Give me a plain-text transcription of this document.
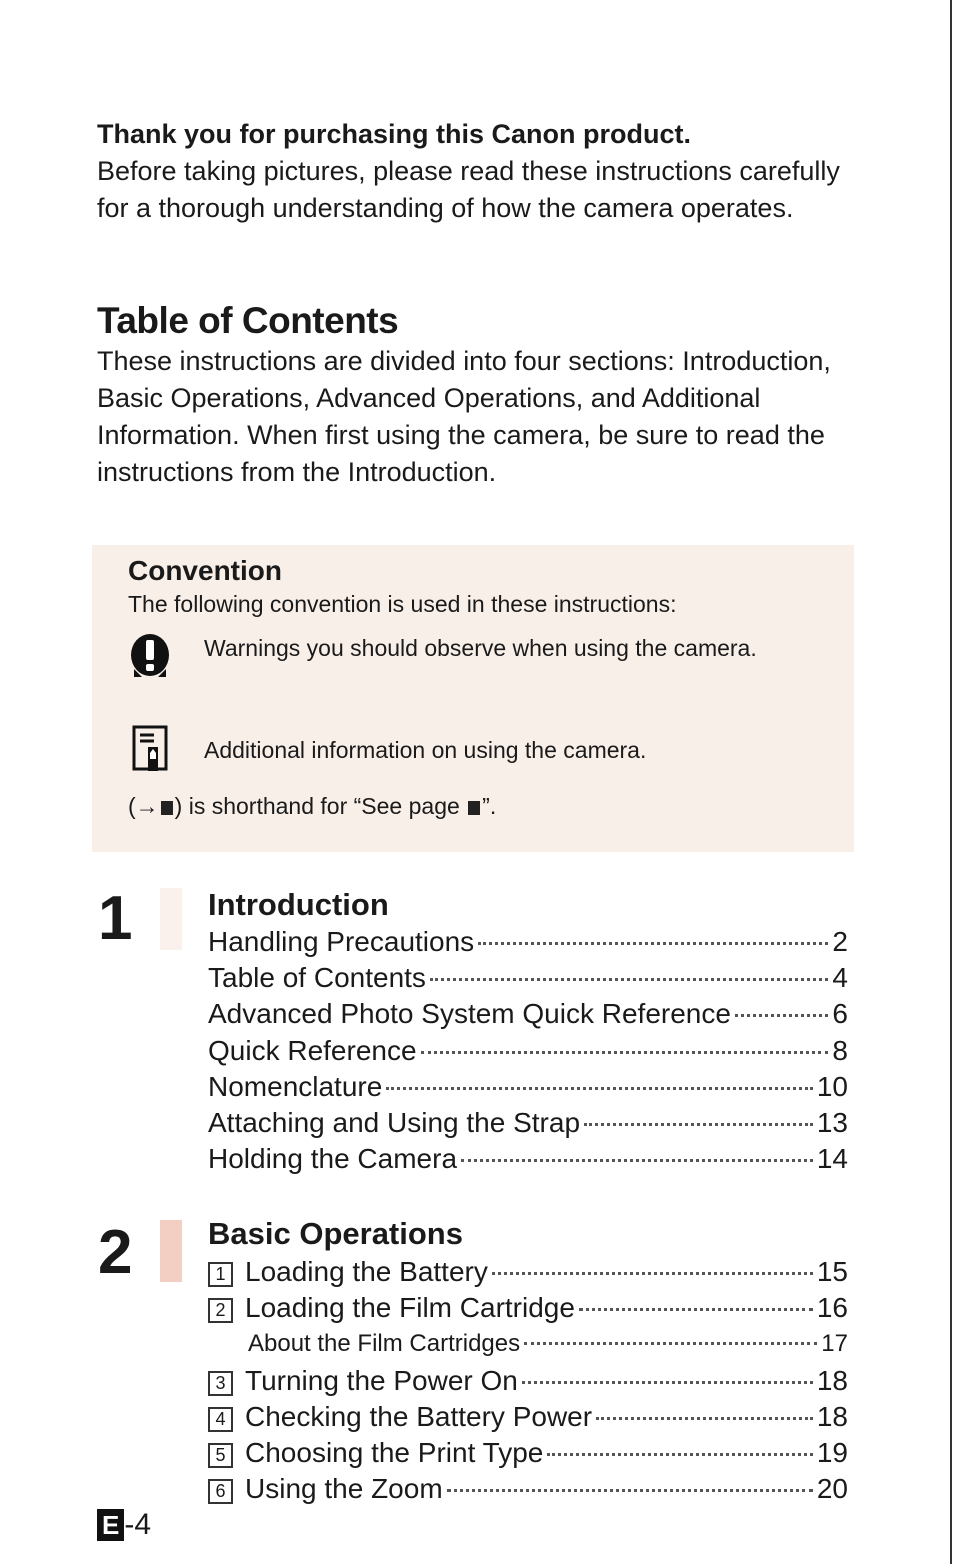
Thank you for purchasing this Canon product.
Before taking pictures, please read these instructions carefully for a thorough understanding of how the camera operates.
Table of Contents
These instructions are divided into four sections: Introduction, Basic Operations, Advanced Operations, and Additional Information. When first using the camera, be sure to read the instructions from the Introduction.
Convention
The following convention is used in these instructions:
Warnings you should observe when using the camera.
Additional information on using the camera.
(→ ) is shorthand for “See page ”.
1 Introduction
Handling Precautions	2
Table of Contents	4
Advanced Photo System Quick Reference	6
Quick Reference	8
Nomenclature	10
Attaching and Using the Strap	13
Holding the Camera	14
2 Basic Operations
1 Loading the Battery	15
2 Loading the Film Cartridge	16
About the Film Cartridges	17
3 Turning the Power On	18
4 Checking the Battery Power	18
5 Choosing the Print Type	19
6 Using the Zoom	20
E -4
